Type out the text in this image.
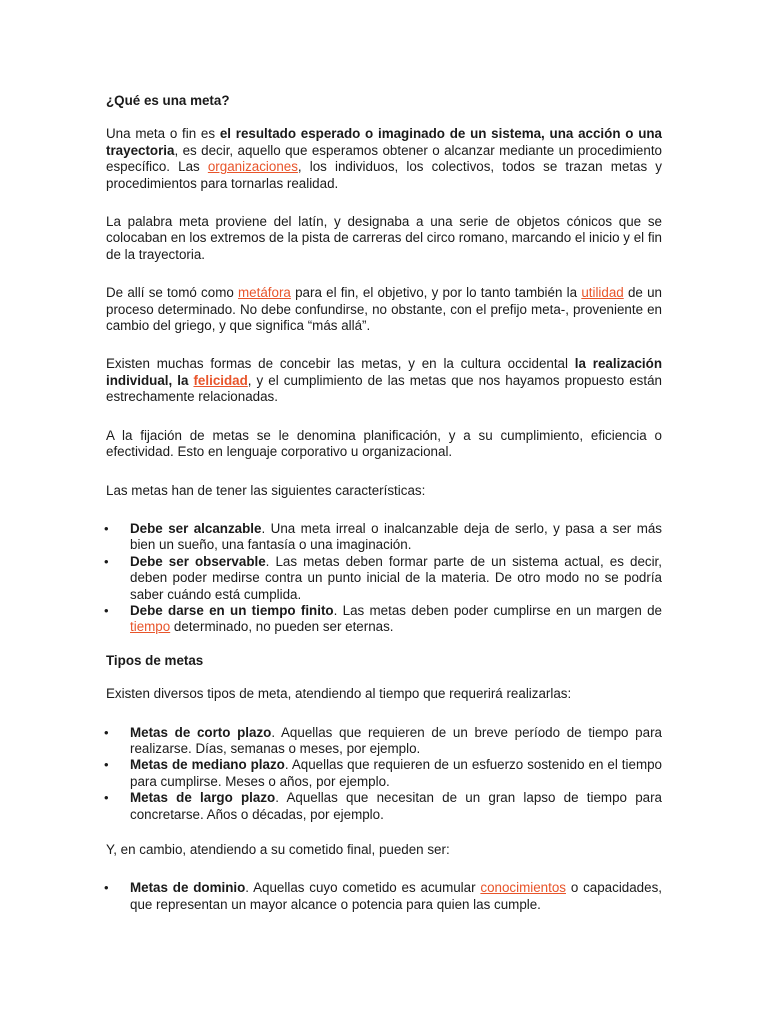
¿Qué es una meta?

Una meta o fin es el resultado esperado o imaginado de un sistema, una acción o una trayectoria, es decir, aquello que esperamos obtener o alcanzar mediante un procedimiento específico. Las organizaciones, los individuos, los colectivos, todos se trazan metas y procedimientos para tornarlas realidad.

La palabra meta proviene del latín, y designaba a una serie de objetos cónicos que se colocaban en los extremos de la pista de carreras del circo romano, marcando el inicio y el fin de la trayectoria.

De allí se tomó como metáfora para el fin, el objetivo, y por lo tanto también la utilidad de un proceso determinado. No debe confundirse, no obstante, con el prefijo meta-, proveniente en cambio del griego, y que significa “más allá”.

Existen muchas formas de concebir las metas, y en la cultura occidental la realización individual, la felicidad, y el cumplimiento de las metas que nos hayamos propuesto están estrechamente relacionadas.

A la fijación de metas se le denomina planificación, y a su cumplimiento, eficiencia o efectividad. Esto en lenguaje corporativo u organizacional.

Las metas han de tener las siguientes características:

• Debe ser alcanzable. Una meta irreal o inalcanzable deja de serlo, y pasa a ser más bien un sueño, una fantasía o una imaginación.
• Debe ser observable. Las metas deben formar parte de un sistema actual, es decir, deben poder medirse contra un punto inicial de la materia. De otro modo no se podría saber cuándo está cumplida.
• Debe darse en un tiempo finito. Las metas deben poder cumplirse en un margen de tiempo determinado, no pueden ser eternas.

Tipos de metas

Existen diversos tipos de meta, atendiendo al tiempo que requerirá realizarlas:

• Metas de corto plazo. Aquellas que requieren de un breve período de tiempo para realizarse. Días, semanas o meses, por ejemplo.
• Metas de mediano plazo. Aquellas que requieren de un esfuerzo sostenido en el tiempo para cumplirse. Meses o años, por ejemplo.
• Metas de largo plazo. Aquellas que necesitan de un gran lapso de tiempo para concretarse. Años o décadas, por ejemplo.

Y, en cambio, atendiendo a su cometido final, pueden ser:

• Metas de dominio. Aquellas cuyo cometido es acumular conocimientos o capacidades, que representan un mayor alcance o potencia para quien las cumple.
